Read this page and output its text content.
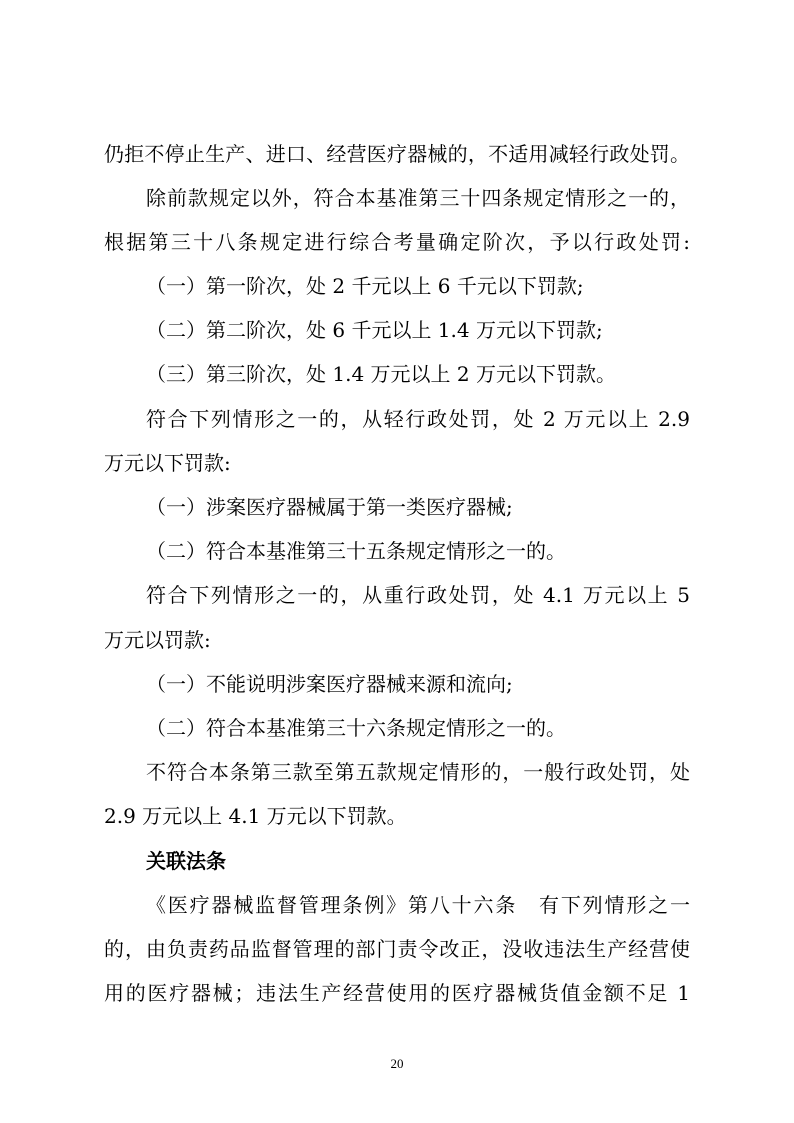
仍拒不停止生产、进口、经营医疗器械的，不适用减轻行政处罚。
除前款规定以外，符合本基准第三十四条规定情形之一的，
根据第三十八条规定进行综合考量确定阶次，予以行政处罚:
（一）第一阶次，处 2 千元以上 6 千元以下罚款;
（二）第二阶次，处 6 千元以上 1.4 万元以下罚款;
（三）第三阶次，处 1.4 万元以上 2 万元以下罚款。
符合下列情形之一的，从轻行政处罚，处 2 万元以上 2.9
万元以下罚款:
（一）涉案医疗器械属于第一类医疗器械;
（二）符合本基准第三十五条规定情形之一的。
符合下列情形之一的，从重行政处罚，处 4.1 万元以上 5
万元以罚款:
（一）不能说明涉案医疗器械来源和流向;
（二）符合本基准第三十六条规定情形之一的。
不符合本条第三款至第五款规定情形的，一般行政处罚，处
2.9 万元以上 4.1 万元以下罚款。
关联法条
《医疗器械监督管理条例》第八十六条　有下列情形之一
的，由负责药品监督管理的部门责令改正，没收违法生产经营使
用的医疗器械；违法生产经营使用的医疗器械货值金额不足 1
20
